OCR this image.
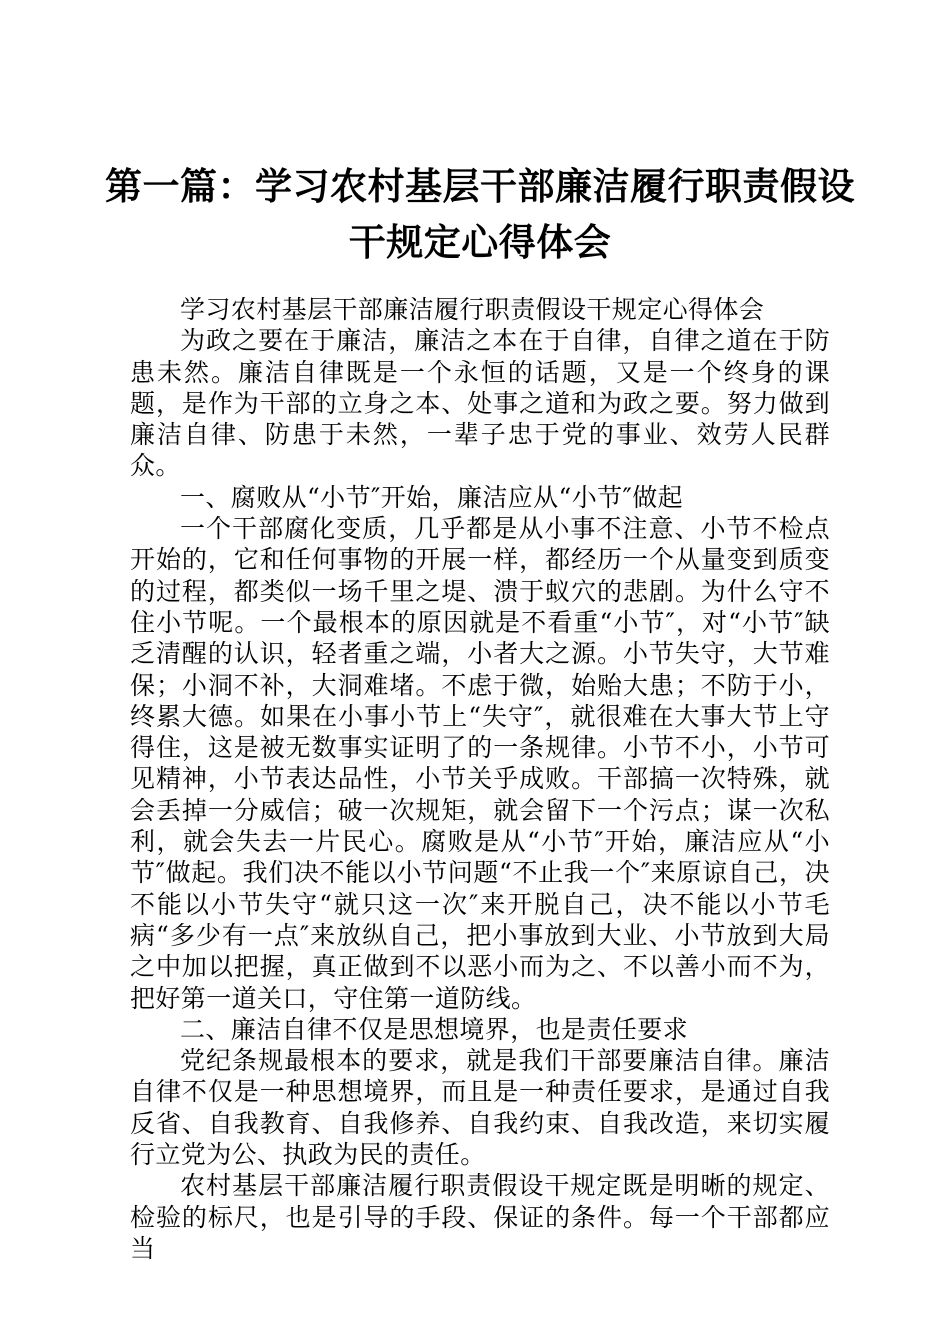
第一篇：学习农村基层干部廉洁履行职责假设
干规定心得体会

学习农村基层干部廉洁履行职责假设干规定心得体会

为政之要在于廉洁，廉洁之本在于自律，自律之道在于防患未然。廉洁自律既是一个永恒的话题，又是一个终身的课题，是作为干部的立身之本、处事之道和为政之要。努力做到廉洁自律、防患于未然，一辈子忠于党的事业、效劳人民群众。

一、腐败从“小节″开始，廉洁应从“小节″做起

一个干部腐化变质，几乎都是从小事不注意、小节不检点开始的，它和任何事物的开展一样，都经历一个从量变到质变的过程，都类似一场千里之堤、溃于蚁穴的悲剧。为什么守不住小节呢。一个最根本的原因就是不看重“小节″，对“小节″缺乏清醒的认识，轻者重之端，小者大之源。小节失守，大节难保；小洞不补，大洞难堵。不虑于微，始贻大患；不防于小，终累大德。如果在小事小节上“失守″，就很难在大事大节上守得住，这是被无数事实证明了的一条规律。小节不小，小节可见精神，小节表达品性，小节关乎成败。干部搞一次特殊，就会丢掉一分威信；破一次规矩，就会留下一个污点；谋一次私利，就会失去一片民心。腐败是从“小节″开始，廉洁应从“小节″做起。我们决不能以小节问题“不止我一个″来原谅自己，决不能以小节失守“就只这一次″来开脱自己，决不能以小节毛病“多少有一点″来放纵自己，把小事放到大业、小节放到大局之中加以把握，真正做到不以恶小而为之、不以善小而不为，把好第一道关口，守住第一道防线。

二、廉洁自律不仅是思想境界，也是责任要求

党纪条规最根本的要求，就是我们干部要廉洁自律。廉洁自律不仅是一种思想境界，而且是一种责任要求，是通过自我反省、自我教育、自我修养、自我约束、自我改造，来切实履行立党为公、执政为民的责任。

农村基层干部廉洁履行职责假设干规定既是明晰的规定、检验的标尺，也是引导的手段、保证的条件。每一个干部都应当
